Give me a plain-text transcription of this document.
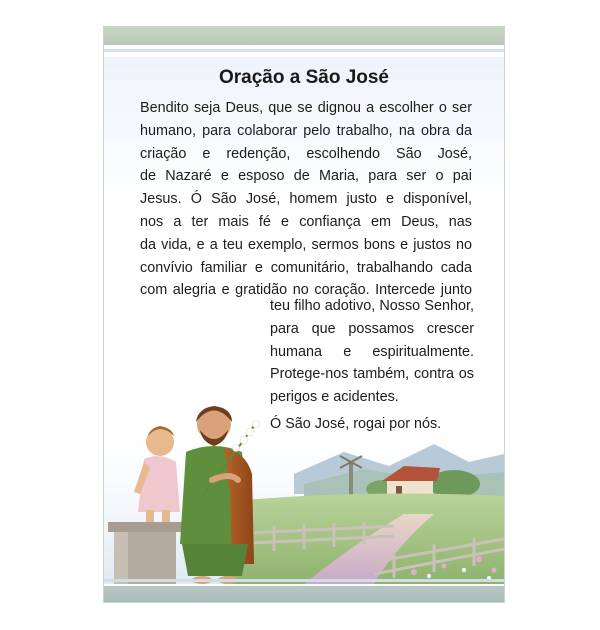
Oração a São José
Bendito seja Deus, que se dignou a escolher o ser
humano, para colaborar pelo trabalho, na obra da
criação e redenção, escolhendo São José,
de Nazaré e esposo de Maria, para ser o pai
Jesus. Ó São José, homem justo e disponível,
nos a ter mais fé e confiança em Deus, nas
da vida, e a teu exemplo, sermos bons e justos no
convívio familiar e comunitário, trabalhando cada
com alegria e gratidão no coração. Intercede junto
teu filho adotivo, Nosso Senhor,
para que possamos crescer
humana e espiritualmente.
Protege-nos também, contra os
perigos e acidentes.
Ó São José, rogai por nós.
